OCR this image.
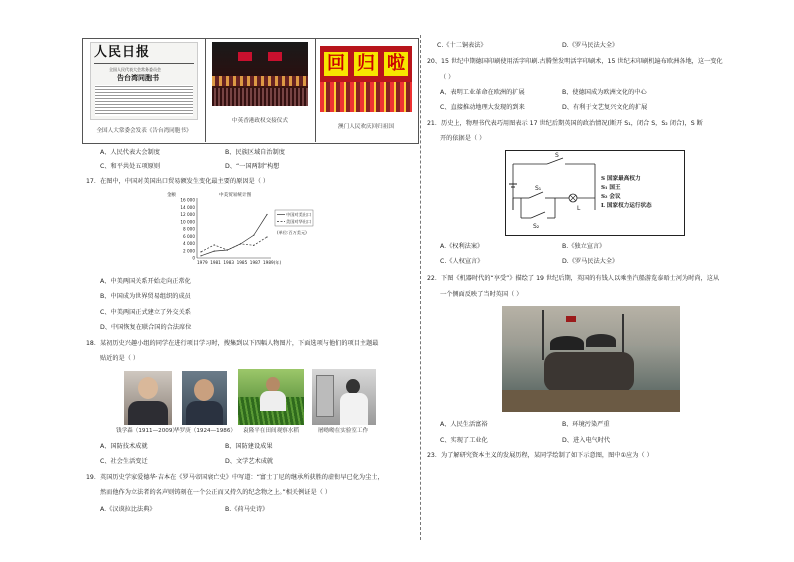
人民日报
全国人民代表大会常务委员会
告台湾同胞书
全国人大常委会发表《告台湾同胞书》
中英香港政权交接仪式
回 归 啦
澳门人民欢庆回归祖国
A、人民代表大会制度	B、民族区域自治制度
C、和平共处五项原则	D、“一国两制”构想
17．在图中，中国对美国出口贸易额发生变化最主要的原因是（ ）
中美贸易统计图
金额
16 000
14 000
12 000
10 000
8 000
6 000
4 000
2 000
0
1979 1981 1983 1985 1987 1989(年)
中国对美出口
美国对华出口
(单位:百万美元)
A、中美两国关系开始走向正常化
B、中国成为世界贸易组织的成员
C、中美两国正式建立了外交关系
D、中国恢复在联合国的合法席位
18．某初历史兴趣小组的同学在进行项目学习时，搜集到以下四幅人物图片，下面选项与他们的项目主题最
贴近的是（ ）
钱学森（1911—2009）
华罗庚（1924—1986）	袁隆平在田间观察水稻	屠呦呦在实验室工作
A、国防技术成就	B、国防建设成果
C、社会生活变迁	D、文学艺术成就
19．英国历史学家爱德华·吉本在《罗马帝国衰亡史》中写道：“富士丁尼的继承所获胜的虚衔早已化为尘土，
然而他作为立法者的名声则铸刻在一个公正而又持久的纪念物之上。”相关例证是（ ）
A.《汉谟拉比法典》	B.《荷马史诗》
C.《十二铜表法》	D.《罗马民法大全》
20、15 世纪中期德国印刷使用活字印刷.古腾堡发明活字印刷术，15 世纪末印刷机遍布欧洲各地，这一变化
（ ）
A、表明工业革命在欧洲的扩展	B、使德国成为欧洲文化的中心
C、直接推动地理大发现的到来	D、有利于文艺复兴文化的扩展
21．历史上，物理书代表巧用图表示 17 世纪后期英国的政治情况(断开 S₁，闭合 S，S₂ 闭合)，S 断
开的依据是（ ）
S
S₁
S₂
L
S 国家最高权力
S₁ 国王
S₂ 会议
L 国家权力运行状态
A.《权利法案》	B.《独立宣言》
C.《人权宣言》	D.《罗马民法大全》
22．下图《机器时代的“享受”》描绘了 19 世纪后期，英国的有钱人以乘坐汽船游览泰晤士河为时尚，这从
一个侧面反映了当时英国（ ）
A、人民生活富裕	B、环境污染严重
C、实现了工业化	D、进入电气时代
23．为了解研究资本主义的发展历程，某同学绘制了如下示意图，图中①应为（ ）
